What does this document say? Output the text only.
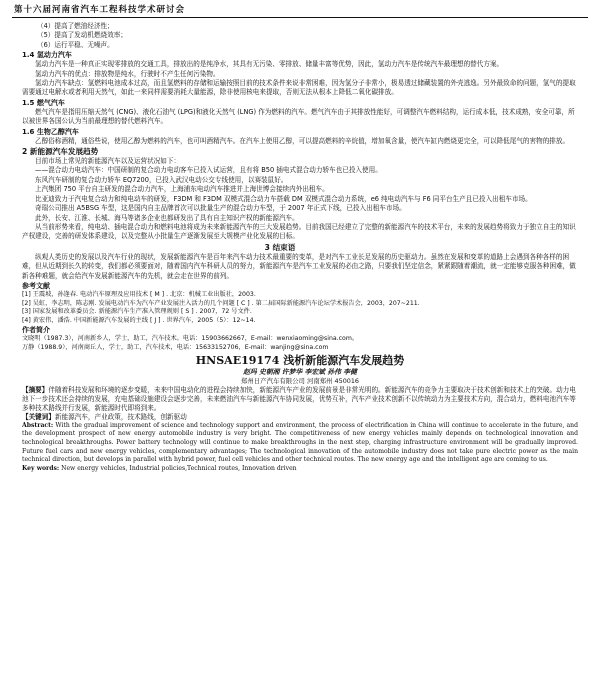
第十六届河南省汽车工程科技学术研讨会

（4）提高了燃油经济性；

（5）提高了发动机燃烧效率；

（6）运行平稳、无噪声。

1.4 氢动力汽车

氢动力汽车是一种真正实现零排放的交通工具，排放出的是纯净水，其具有无污染、零排放、储量丰富等优势，因此，氢动力汽车是传统汽车最理想的替代方案。

氢动力汽车的优点：排放物是纯水，行驶时不产生任何污染物。

氢动力汽车缺点：氢燃料电池成本过高，而且氢燃料的存储和运输按照目前的技术条件来说非常困难，因为氢分子非常小，极易透过储藏装置的外壳逃逸。另外最致命的问题，氢气的提取需要通过电解水或者利用天然气，如此一来同样需要消耗大量能源，除非使用核电来提取，否则无法从根本上降低二氧化碳排放。

1.5 燃气汽车

燃气汽车是指用压缩天然气 (CNG)、液化石油气 (LPG)和液化天然气 (LNG) 作为燃料的汽车。燃气汽车由于其排放性能好，可调整汽车燃料结构，运行成本低，技术成熟，安全可靠，所以被世界各国公认为当前最理想的替代燃料汽车。

1.6 生物乙醇汽车

乙醇俗称酒精，通俗些说，使用乙醇为燃料的汽车，也可叫酒精汽车。在汽车上使用乙醇，可以提高燃料的辛烷值，增加氧含量，使汽车缸内燃烧更完全，可以降低尾气的害物的排放。

2 新能源汽车发展趋势

目前市场上常见的新能源汽车以及运营状况如下：

——混合动力电动汽车：中国研制的复合动力电动客车已投入试运营，且有将 B50 插电式混合动力轿车也已投入使用。

东风汽车研制的复合动力轿车 EQ7200，已投入武汉电动公交专线使用，以赛装鼠好。

上汽集团 750 平台自主研发的混合动力汽车，上海浦东电动汽车推进并上海世博会接续内外出租车。

比亚迪致力于汽电复合动力和纯电动车的研发，F3DM 和 F3DM 双模式混合动力车搭载 DM 双模式混合动力系统，e6 纯电动汽车与 F6 同平台生产且已投入出租车市场。

奇瑞公司推出 A5BSG 车型，这是国内自主品牌首次可以批量生产的混合动力车型，于 2007 年正式下线，已投入出租车市场。

此外，长安、江淮、长城、海马等诸多企业也都研发出了具有自主知识产权的新能源汽车。

从当前形势来看，纯电动、插电混合动力和燃料电池将成为未来新能源汽车的三大发展趋势。目前我国已经建立了完整的新能源汽车的技术平台，未来的发展趋势将致力于独立自主的知识产权建设，完善的研发体系建设，以及完整从小批量生产逐渐发展至大规模产业化发展的目标。

3 结束语

纵观人类历史的发展以及汽车行业的现状，发展新能源汽车是百年来汽车动力技术最重要的变革，是对汽车工业长足发展的历史驱动力。虽然在发展和变革的道路上会遇到各种各样的困难，但从近期到长久的转变，我们都必须要面对，随着国内汽车科研人员的努力，新能源汽车是汽车工业发展的必由之路，只要我们坚定信念，紧紧跟随着潮流，就一定能够克服各种困难，做新各种难题，就会给汽车发展新能源汽车的先机，就会走在世界的前列。

参考文献

[1] 王震坡，孙逢春. 电动汽车原理及应用技术 [ M ] . 北京：机械工业出版社，2003.

[2] 吴虹，李志明，陈志刚. 发展电动汽车为汽车产业发展注入活力的几个问题 [ C ] . 第二届国际新能源汽车论坛学术报告会，2003，207~211.

[3] 国家发展和改革委员会. 新能源汽车生产准入管理规则 [ S ] . 2007，72 号文件.

[4] 黄宏伟，潘浩. 中国新能源汽车发展的主线 [ J ] . 世界汽车，2005（5）：12~14.

作者简介

文晓明（1987.3），河南新乡人，学士，助工，汽车技术。电话：15903662667，E-mail：wenxiaoming@sina.com。

万静（1988.9），河南商丘人，学士，助工，汽车技术，电话：15633152706，E-mail：wanjing@sina.com

HNSAE19174 浅析新能源汽车发展趋势

赵玛 史朝湘 许梦华 李宏斌 孙伟 李健

郑州日产汽车有限公司 河南郑州 450016

【摘要】伴随着科技发展和环境的逐步变暖，未来中国电动化的进程会持续加快，新能源汽车产业的发展前景是非常光明的。新能源汽车的竞争力主要取决于技术创新和技术上的突破。动力电池下一步技术还会持续的发展，充电基础设施建设会逐步完善，未来燃油汽车与新能源汽车协同发展，优势互补，汽车产业技术创新不以传统动力为主要技术方向，混合动力，燃料电池汽车等多种技术路线并行发展，新能源时代即将到来。

【关键词】新能源汽车，产业政策，技术路线，创新驱动

Abstract: With the gradual improvement of science and technology support and environment, the process of electrification in China will continue to accelerate in the future, and the development prospect of new energy automobile industry is very bright. The competitiveness of new energy vehicles mainly depends on technological innovation and technological breakthroughs. Power battery technology will continue to make breakthroughs in the next step, charging infrastructure environment will be gradually improved. Future fuel cars and new energy vehicles, complementary advantages; The technological innovation of the automobile industry does not take pure electric power as the main technical direction, but develops in parallel with hybrid power, fuel cell vehicles and other technical routes. The new energy age and the intelligent age are coming to us.

Key words: New energy vehicles, Industrial policies,Technical routes, Innovation driven
